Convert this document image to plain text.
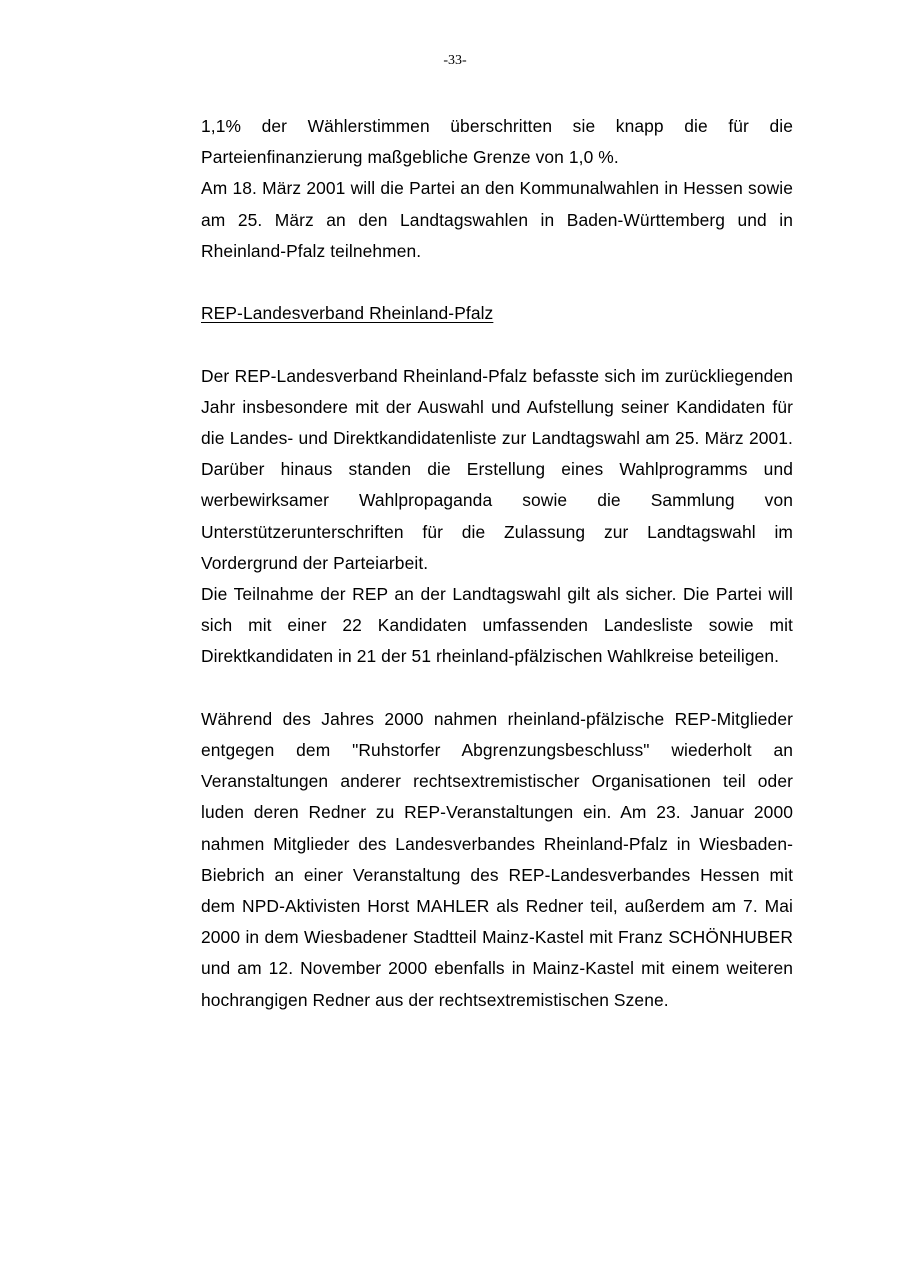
-33-

1,1% der Wählerstimmen überschritten sie knapp die für die Parteienfinanzierung maßgebliche Grenze von 1,0 %.

Am 18. März 2001 will die Partei an den Kommunalwahlen in Hessen sowie am 25. März an den Landtagswahlen in Baden-Württemberg und in Rheinland-Pfalz teilnehmen.

REP-Landesverband Rheinland-Pfalz

Der REP-Landesverband Rheinland-Pfalz befasste sich im zurückliegenden Jahr insbesondere mit der Auswahl und Aufstellung seiner Kandidaten für die Landes- und Direktkandidatenliste zur Landtagswahl am 25. März 2001. Darüber hinaus standen die Erstellung eines Wahlprogramms und werbewirksamer Wahlpropaganda sowie die Sammlung von Unterstützerunterschriften für die Zulassung zur Landtagswahl im Vordergrund der Parteiarbeit.

Die Teilnahme der REP an der Landtagswahl gilt als sicher. Die Partei will sich mit einer 22 Kandidaten umfassenden Landesliste sowie mit Direktkandidaten in 21 der 51 rheinland-pfälzischen Wahlkreise beteiligen.

Während des Jahres 2000 nahmen rheinland-pfälzische REP-Mitglieder entgegen dem "Ruhstorfer Abgrenzungsbeschluss" wiederholt an Veranstaltungen anderer rechtsextremistischer Organisationen teil oder luden deren Redner zu REP-Veranstaltungen ein. Am 23. Januar 2000 nahmen Mitglieder des Landesverbandes Rheinland-Pfalz in Wiesbaden-Biebrich an einer Veranstaltung des REP-Landesverbandes Hessen mit dem NPD-Aktivisten Horst MAHLER als Redner teil, außerdem am 7. Mai 2000 in dem Wiesbadener Stadtteil Mainz-Kastel mit Franz SCHÖNHUBER und am 12. November 2000 ebenfalls in Mainz-Kastel mit einem weiteren hochrangigen Redner aus der rechtsextremistischen Szene.
